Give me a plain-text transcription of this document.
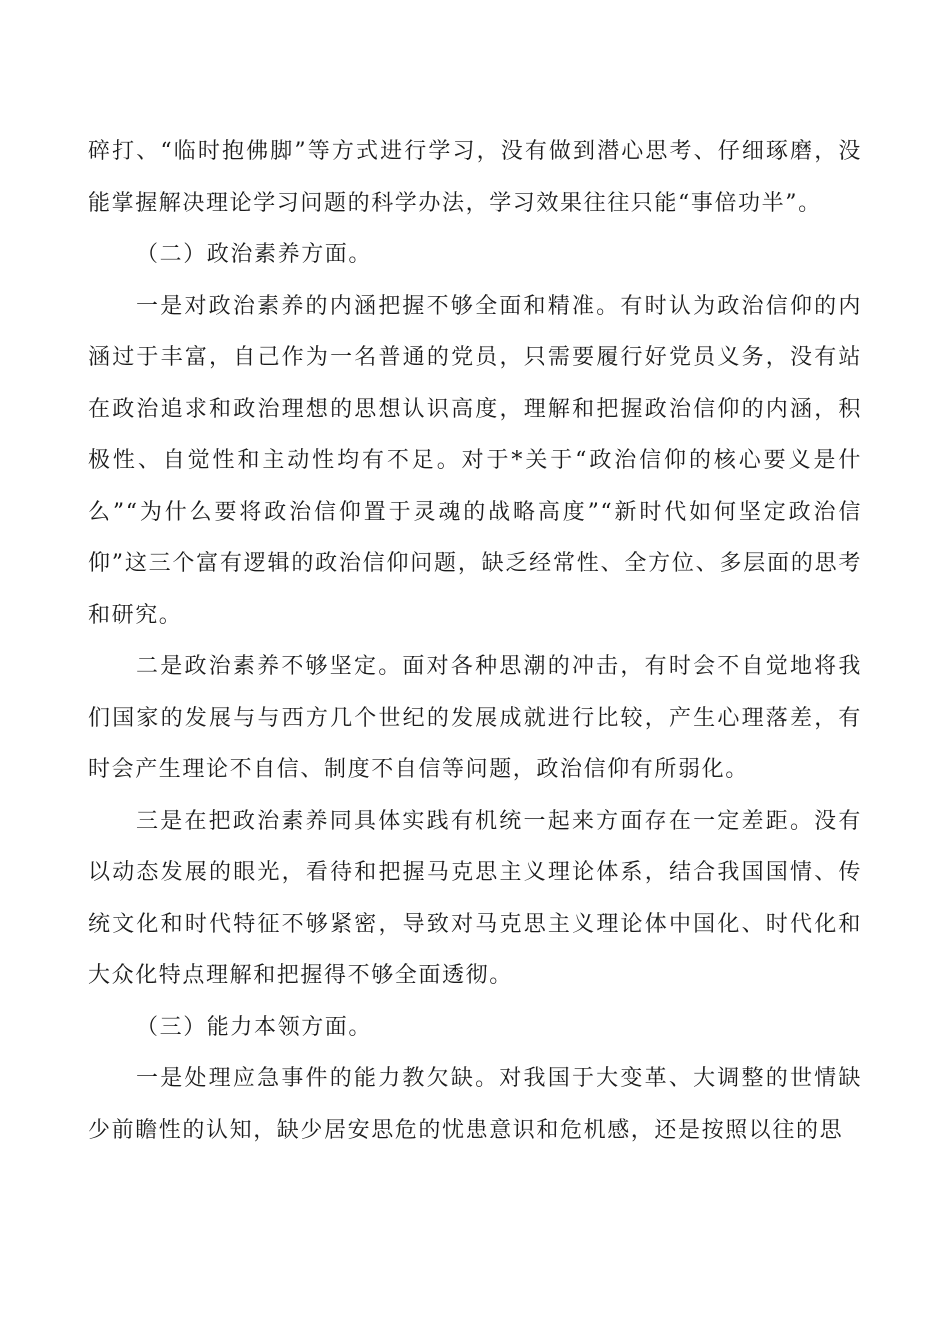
碎打、“临时抱佛脚”等方式进行学习，没有做到潜心思考、仔细琢磨，没能掌握解决理论学习问题的科学办法，学习效果往往只能“事倍功半”。

（二）政治素养方面。

一是对政治素养的内涵把握不够全面和精准。有时认为政治信仰的内涵过于丰富，自己作为一名普通的党员，只需要履行好党员义务，没有站在政治追求和政治理想的思想认识高度，理解和把握政治信仰的内涵，积极性、自觉性和主动性均有不足。对于*关于“政治信仰的核心要义是什么”“为什么要将政治信仰置于灵魂的战略高度”“新时代如何坚定政治信仰”这三个富有逻辑的政治信仰问题，缺乏经常性、全方位、多层面的思考和研究。

二是政治素养不够坚定。面对各种思潮的冲击，有时会不自觉地将我们国家的发展与与西方几个世纪的发展成就进行比较，产生心理落差，有时会产生理论不自信、制度不自信等问题，政治信仰有所弱化。

三是在把政治素养同具体实践有机统一起来方面存在一定差距。没有以动态发展的眼光，看待和把握马克思主义理论体系，结合我国国情、传统文化和时代特征不够紧密，导致对马克思主义理论体中国化、时代化和大众化特点理解和把握得不够全面透彻。

（三）能力本领方面。

一是处理应急事件的能力教欠缺。对我国于大变革、大调整的世情缺少前瞻性的认知，缺少居安思危的忧患意识和危机感，还是按照以往的思
